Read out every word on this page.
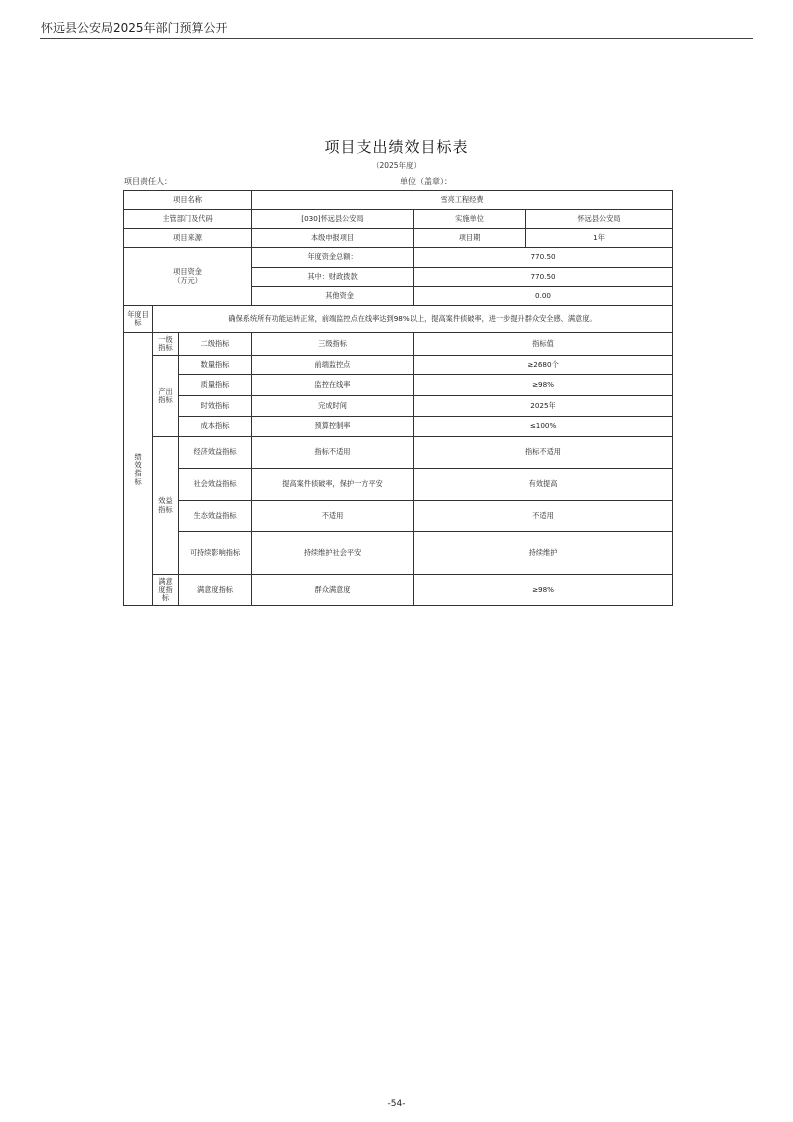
怀远县公安局2025年部门预算公开
项目支出绩效目标表
（2025年度）
项目责任人：	单位（盖章）：
项目名称			雪亮工程经费		
主管部门及代码			[030]怀远县公安局	实施单位	怀远县公安局
项目来源			本级申报项目	项目期	1年

项目资金
（万元）			年度资金总额：	770.50	
			其中：财政拨款	770.50	
			其他资金	0.00	
年度目标	确保系统所有功能运转正常，前端监控点在线率达到98%以上，提高案件侦破率，进一步提升群众安全感、满意度。				
绩效指标	一级指标	二级指标	三级指标	指标值	
	产出指标	数量指标	前端监控点	≥2680个	
		质量指标	监控在线率	≥98%	
		时效指标	完成时间	2025年	
		成本指标	预算控制率	≤100%	
	效益指标	经济效益指标	指标不适用	指标不适用	
		社会效益指标	提高案件侦破率，保护一方平安	有效提高	
		生态效益指标	不适用	不适用	
		可持续影响指标	持续维护社会平安	持续维护	
	满意度指标	满意度指标	群众满意度	≥98%	
-54-
